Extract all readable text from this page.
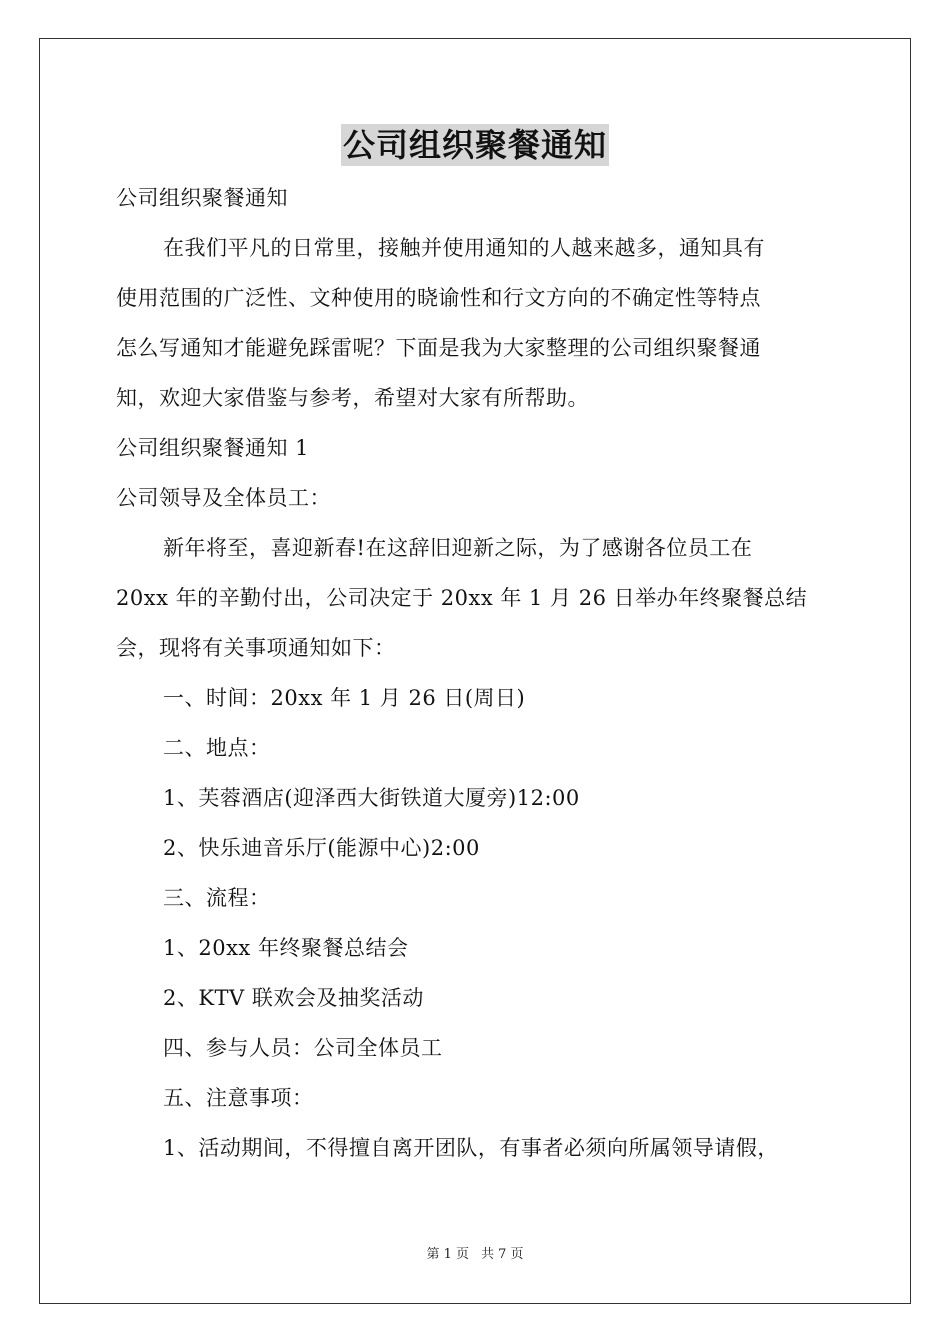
公司组织聚餐通知
公司组织聚餐通知
在我们平凡的日常里，接触并使用通知的人越来越多，通知具有
使用范围的广泛性、文种使用的晓谕性和行文方向的不确定性等特点
怎么写通知才能避免踩雷呢？下面是我为大家整理的公司组织聚餐通
知，欢迎大家借鉴与参考，希望对大家有所帮助。
公司组织聚餐通知 1
公司领导及全体员工：
新年将至，喜迎新春!在这辞旧迎新之际，为了感谢各位员工在
20xx 年的辛勤付出，公司决定于 20xx 年 1 月 26 日举办年终聚餐总结
会，现将有关事项通知如下：
一、时间：20xx 年 1 月 26 日(周日)
二、地点：
1、芙蓉酒店(迎泽西大街铁道大厦旁)12:00
2、快乐迪音乐厅(能源中心)2:00
三、流程：
1、20xx 年终聚餐总结会
2、KTV 联欢会及抽奖活动
四、参与人员：公司全体员工
五、注意事项：
1、活动期间，不得擅自离开团队，有事者必须向所属领导请假，
第 1 页 共 7 页
